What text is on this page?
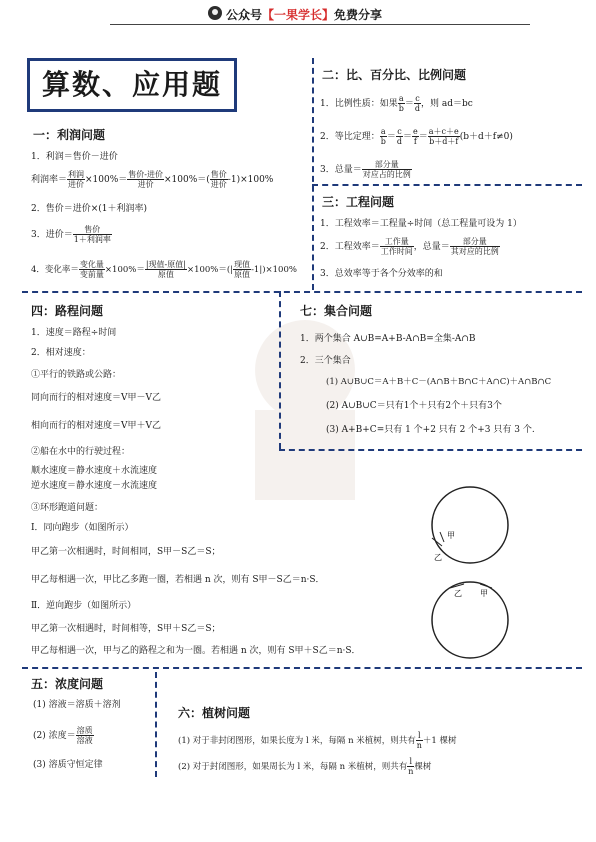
公众号【一果学长】免费分享
算数、应用题
一：利润问题
1．利润＝售价－进价
利润率＝ $\frac{\text{利润}}{\text{进价}} \times 100\%= \frac{\text{售价-进价}}{\text{进价}} \times 100\%=( \frac{\text{售价}}{\text{进价}} -1)\times 100\%$
2．售价＝进价×(1＋利润率)
3．进价＝ $\frac{\text{售价}}{\text{1＋利润率}}$
4．变化率＝ $\frac{\text{变化量}}{\text{变前量}} \times 100\%= \frac{\text{|现值-原值|}}{\text{原值}} \times 100\%=(| \frac{\text{现值}}{\text{原值}} -1|)\times 100\%$
二：比、百分比、比例问题
1．比例性质：如果 $\frac{a}{b} = \frac{c}{d}$ ，则 ad＝bc
2．等比定理： $\frac{a}{b} = \frac{c}{d} = \frac{e}{f} = \frac{a+c+e}{b+d+f} (b+d+f\ne 0)$
3．总量＝ $\frac{\text{部分量}}{\text{对应占的比例}}$
三：工程问题
1．工程效率＝工程量÷时间（总工程量可设为 1）
2．工程效率＝ $\frac{\text{工作量}}{\text{工作时间}}$ ，总量＝ $\frac{\text{部分量}}{\text{其对应的比例}}$
3．总效率等于各个分效率的和
四：路程问题
1．速度＝路程÷时间
2．相对速度：
①平行的铁路或公路：
同向而行的相对速度＝V甲－V乙
相向而行的相对速度＝V甲＋V乙
②船在水中的行驶过程：
顺水速度＝静水速度＋水流速度
逆水速度＝静水速度－水流速度
③环形跑道问题：
Ⅰ．同向跑步（如图所示）
甲乙第一次相遇时，时间相同，S甲－S乙＝S；
甲乙每相遇一次，甲比乙多跑一圈，若相遇 n 次，则有 S甲－S乙＝n·S．
Ⅱ．逆向跑步（如图所示）
甲乙第一次相遇时，时间相等，S甲＋S乙＝S；
甲乙每相遇一次，甲与乙的路程之和为一圈。若相遇 n 次，则有 S甲＋S乙＝n·S．
甲
乙
乙 甲
七：集合问题
1．两个集合 A∪B=A+B-A∩B=全集-A∩B
2．三个集合
(1) A∪B∪C＝A＋B＋C－(A∩B＋B∩C＋A∩C)＋A∩B∩C
(2) A∪B∪C＝只有1个＋只有2个＋只有3个
(3) A+B+C=只有 1 个+2 只有 2 个+3 只有 3 个.
五：浓度问题
(1) 溶液＝溶质＋溶剂
(2) 浓度＝ $\frac{\text{溶质}}{\text{溶液}}$
(3) 溶质守恒定律
六：植树问题
(1) 对于非封闭图形，如果长度为 l 米，每隔 n 米植树，则共有 $\frac{l}{n} +1$ 棵树
(2) 对于封闭图形，如果周长为 l 米，每隔 n 米植树，则共有 $\frac{l}{n}$ 棵树
